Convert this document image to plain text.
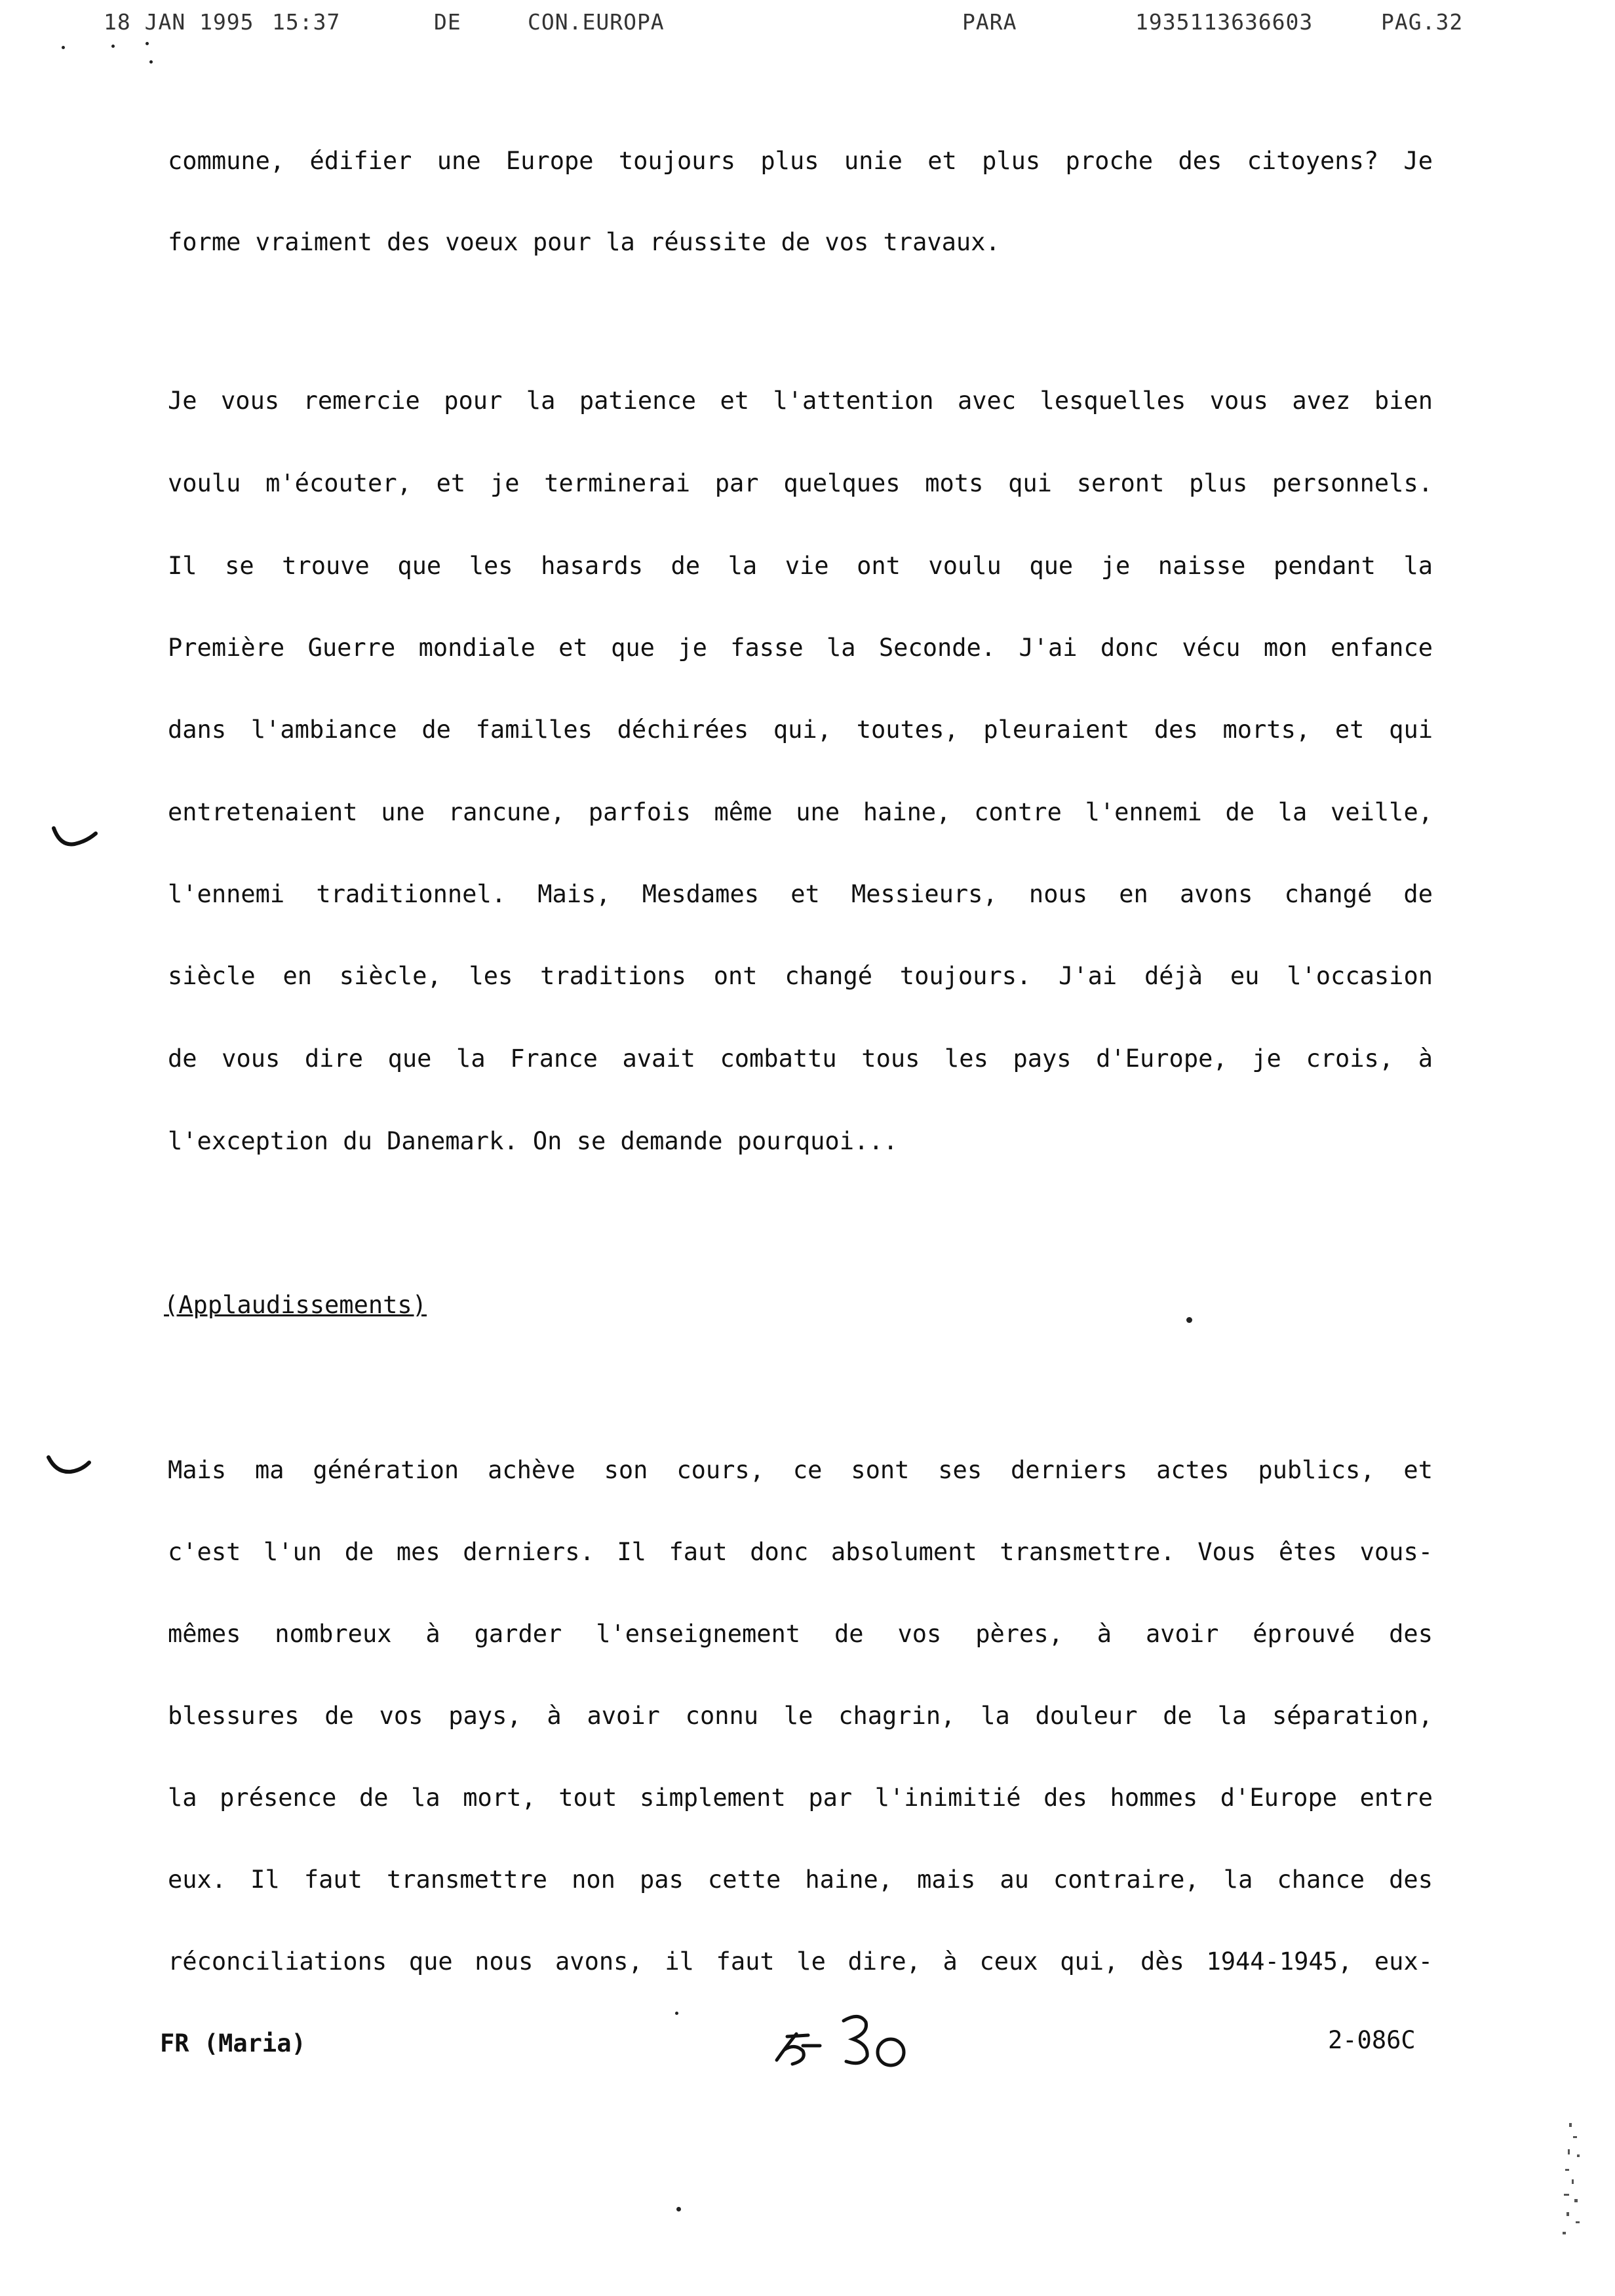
18 JAN 1995 15:37	DE	CON.EUROPA	PARA	1935113636603	PAG.32
commune, édifier une Europe toujours plus unie et plus proche des citoyens? Je
forme vraiment des voeux pour la réussite de vos travaux.
Je vous remercie pour la patience et l'attention avec lesquelles vous avez bien
voulu m'écouter, et je terminerai par quelques mots qui seront plus personnels.
Il se trouve que les hasards de la vie ont voulu que je naisse pendant la
Première Guerre mondiale et que je fasse la Seconde. J'ai donc vécu mon enfance
dans l'ambiance de familles déchirées qui, toutes, pleuraient des morts, et qui
entretenaient une rancune, parfois même une haine, contre l'ennemi de la veille,
l'ennemi traditionnel. Mais, Mesdames et Messieurs, nous en avons changé de
siècle en siècle, les traditions ont changé toujours. J'ai déjà eu l'occasion
de vous dire que la France avait combattu tous les pays d'Europe, je crois, à
l'exception du Danemark. On se demande pourquoi...
(Applaudissements)
Mais ma génération achève son cours, ce sont ses derniers actes publics, et
c'est l'un de mes derniers. Il faut donc absolument transmettre. Vous êtes vous-
mêmes nombreux à garder l'enseignement de vos pères, à avoir éprouvé des
blessures de vos pays, à avoir connu le chagrin, la douleur de la séparation,
la présence de la mort, tout simplement par l'inimitié des hommes d'Europe entre
eux. Il faut transmettre non pas cette haine, mais au contraire, la chance des
réconciliations que nous avons, il faut le dire, à ceux qui, dès 1944-1945, eux-
FR (Maria)	2-086C
